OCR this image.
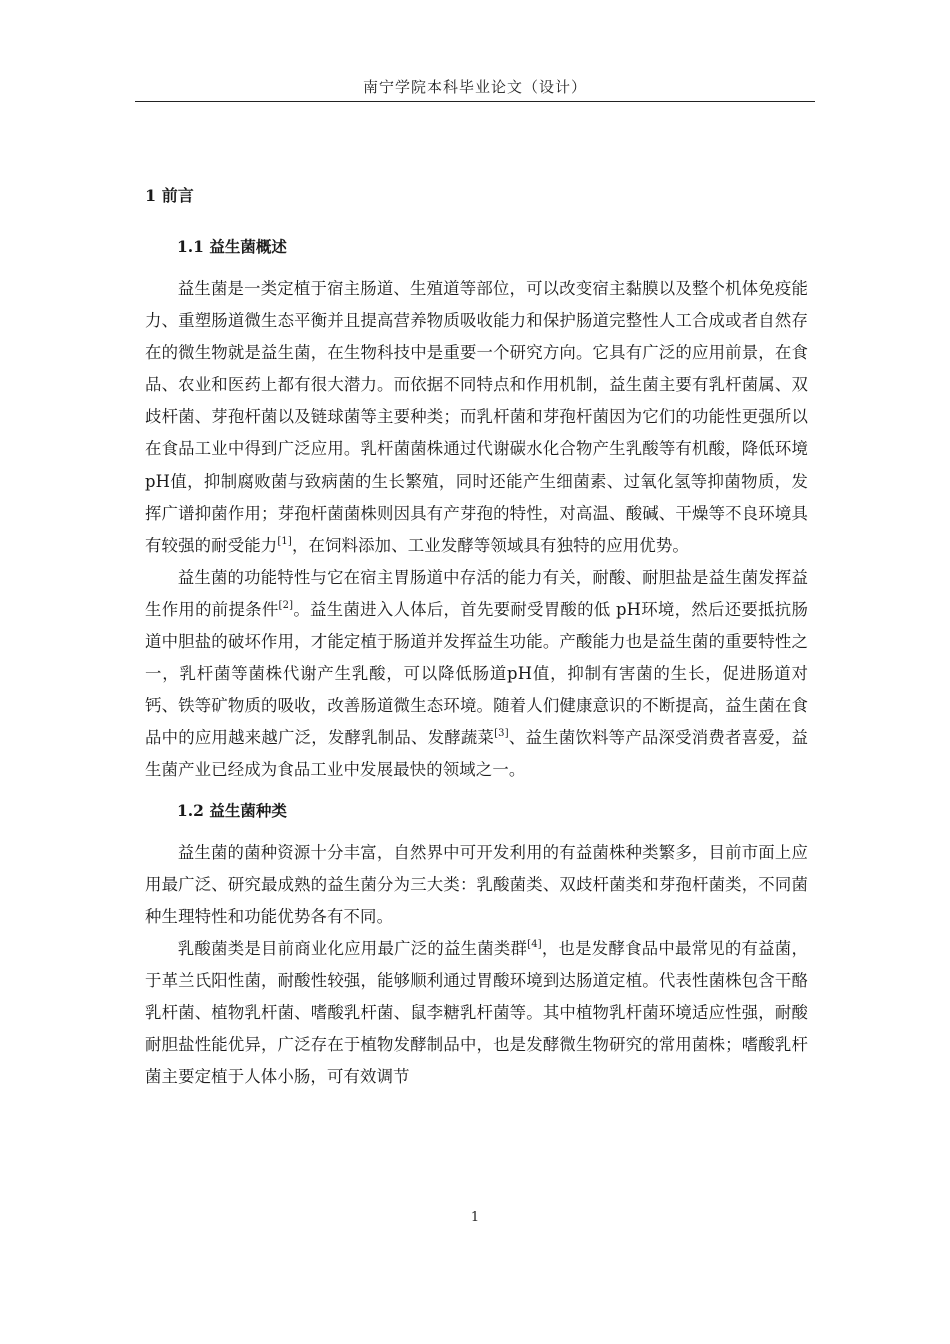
南宁学院本科毕业论文（设计）
1 前言
1.1 益生菌概述

益生菌是一类定植于宿主肠道、生殖道等部位，可以改变宿主黏膜以及整个机体免疫能力、重塑肠道微生态平衡并且提高营养物质吸收能力和保护肠道完整性人工合成或者自然存在的微生物就是益生菌，在生物科技中是重要一个研究方向。它具有广泛的应用前景，在食品、农业和医药上都有很大潜力。而依据不同特点和作用机制，益生菌主要有乳杆菌属、双歧杆菌、芽孢杆菌以及链球菌等主要种类；而乳杆菌和芽孢杆菌因为它们的功能性更强所以在食品工业中得到广泛应用。乳杆菌菌株通过代谢碳水化合物产生乳酸等有机酸，降低环境pH值，抑制腐败菌与致病菌的生长繁殖，同时还能产生细菌素、过氧化氢等抑菌物质，发挥广谱抑菌作用；芽孢杆菌菌株则因具有产芽孢的特性，对高温、酸碱、干燥等不良环境具有较强的耐受能力[1]，在饲料添加、工业发酵等领域具有独特的应用优势。

益生菌的功能特性与它在宿主胃肠道中存活的能力有关，耐酸、耐胆盐是益生菌发挥益生作用的前提条件[2]。益生菌进入人体后，首先要耐受胃酸的低 pH环境，然后还要抵抗肠道中胆盐的破坏作用，才能定植于肠道并发挥益生功能。产酸能力也是益生菌的重要特性之一，乳杆菌等菌株代谢产生乳酸，可以降低肠道pH值，抑制有害菌的生长，促进肠道对钙、铁等矿物质的吸收，改善肠道微生态环境。随着人们健康意识的不断提高，益生菌在食品中的应用越来越广泛，发酵乳制品、发酵蔬菜[3]、益生菌饮料等产品深受消费者喜爱，益生菌产业已经成为食品工业中发展最快的领域之一。

1.2 益生菌种类

益生菌的菌种资源十分丰富，自然界中可开发利用的有益菌株种类繁多，目前市面上应用最广泛、研究最成熟的益生菌分为三大类：乳酸菌类、双歧杆菌类和芽孢杆菌类，不同菌种生理特性和功能优势各有不同。

乳酸菌类是目前商业化应用最广泛的益生菌类群[4]，也是发酵食品中最常见的有益菌，于革兰氏阳性菌，耐酸性较强，能够顺利通过胃酸环境到达肠道定植。代表性菌株包含干酪乳杆菌、植物乳杆菌、嗜酸乳杆菌、鼠李糖乳杆菌等。其中植物乳杆菌环境适应性强，耐酸耐胆盐性能优异，广泛存在于植物发酵制品中，也是发酵微生物研究的常用菌株；嗜酸乳杆菌主要定植于人体小肠，可有效调节

1
